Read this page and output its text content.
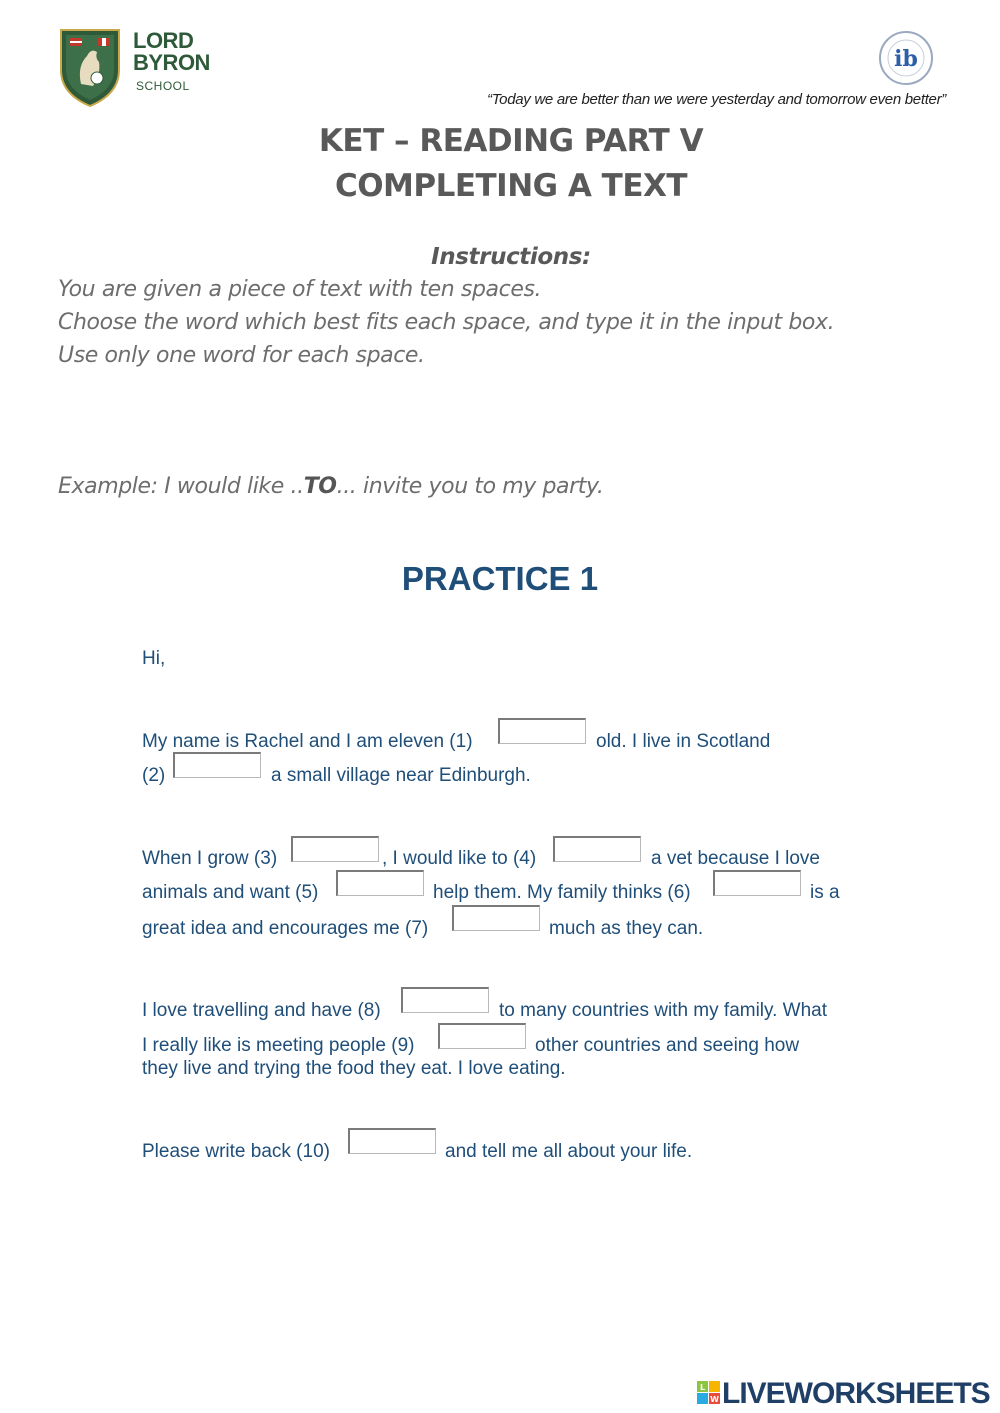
LORD
BYRON
SCHOOL
ib
“Today we are better than we were yesterday and tomorrow even better”
KET – READING PART V
COMPLETING A TEXT
Instructions:
You are given a piece of text with ten spaces.
Choose the word which best fits each space, and type it in the input box.
Use only one word for each space.
Example: I would like ..TO... invite you to my party.
PRACTICE 1
Hi,
My name is Rachel and I am eleven (1)	old. I live in Scotland
(2)	a small village near Edinburgh.
When I grow (3)	, I would like to (4)	a vet because I love
animals and want (5)	help them. My family thinks (6)	is a
great idea and encourages me (7)	much as they can.
I love travelling and have (8)	to many countries with my family. What
I really like is meeting people (9)	other countries and seeing how
they live and trying the food they eat. I love eating.
Please write back (10)	and tell me all about your life.
L
W LIVEWORKSHEETS
